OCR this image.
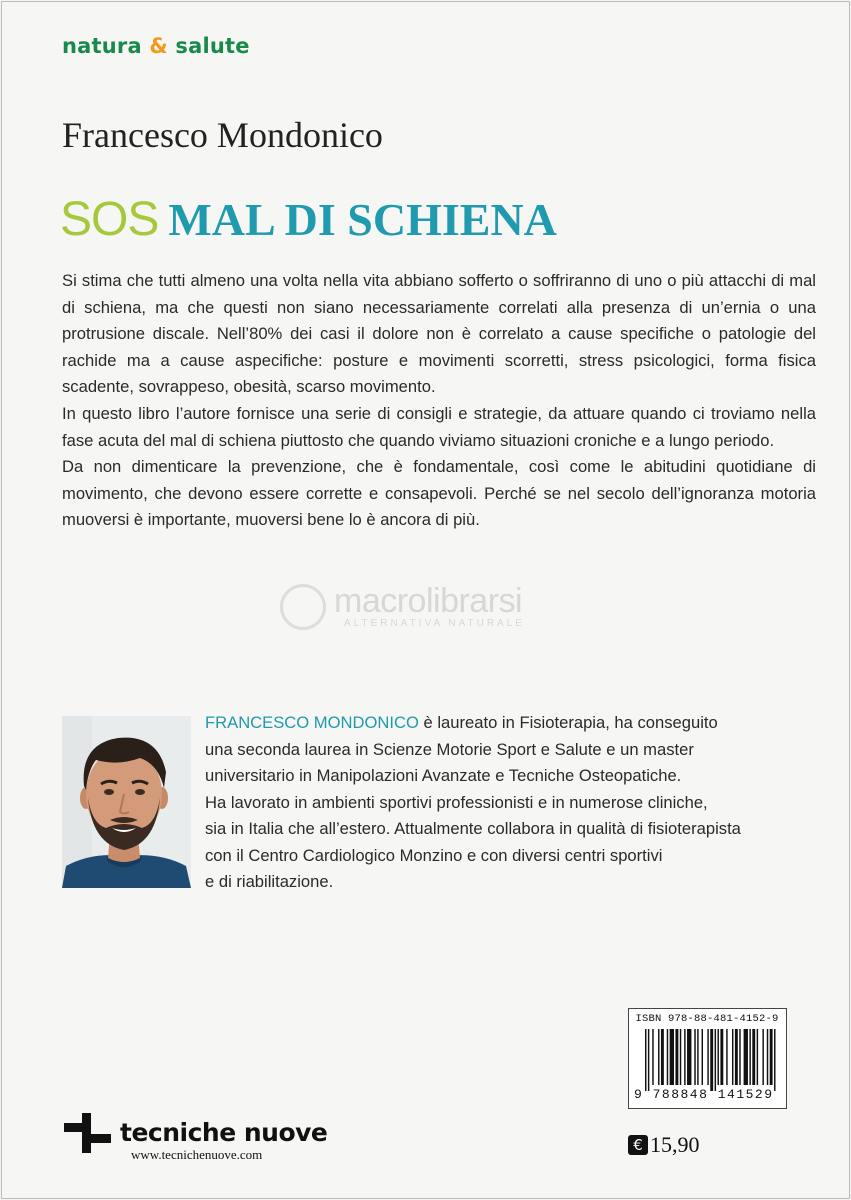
natura & salute
Francesco Mondonico
SOS MAL DI SCHIENA

Si stima che tutti almeno una volta nella vita abbiano sofferto o soffriranno di uno o più attacchi di mal di schiena, ma che questi non siano necessariamente correlati alla presenza di un’ernia o una protrusione discale. Nell’80% dei casi il dolore non è correlato a cause specifiche o patologie del rachide ma a cause aspecifiche: posture e movimenti scorretti, stress psicologici, forma fisica scadente, sovrappeso, obesità, scarso movimento.

In questo libro l’autore fornisce una serie di consigli e strategie, da attuare quando ci troviamo nella fase acuta del mal di schiena piuttosto che quando viviamo situazioni croniche e a lungo periodo.

Da non dimenticare la prevenzione, che è fondamentale, così come le abitudini quotidiane di movimento, che devono essere corrette e consapevoli. Perché se nel secolo dell’ignoranza motoria muoversi è importante, muoversi bene lo è ancora di più.

macrolibrarsi
ALTERNATIVA NATURALE

FRANCESCO MONDONICO è laureato in Fisioterapia, ha conseguito

una seconda laurea in Scienze Motorie Sport e Salute e un master

universitario in Manipolazioni Avanzate e Tecniche Osteopatiche.

Ha lavorato in ambienti sportivi professionisti e in numerose cliniche,

sia in Italia che all’estero. Attualmente collabora in qualità di fisioterapista

con il Centro Cardiologico Monzino e con diversi centri sportivi

e di riabilitazione.

ISBN 978-88-481-4152-9
9 788848 141529
tecniche nuove
www.tecnichenuove.com
€ 15,90
